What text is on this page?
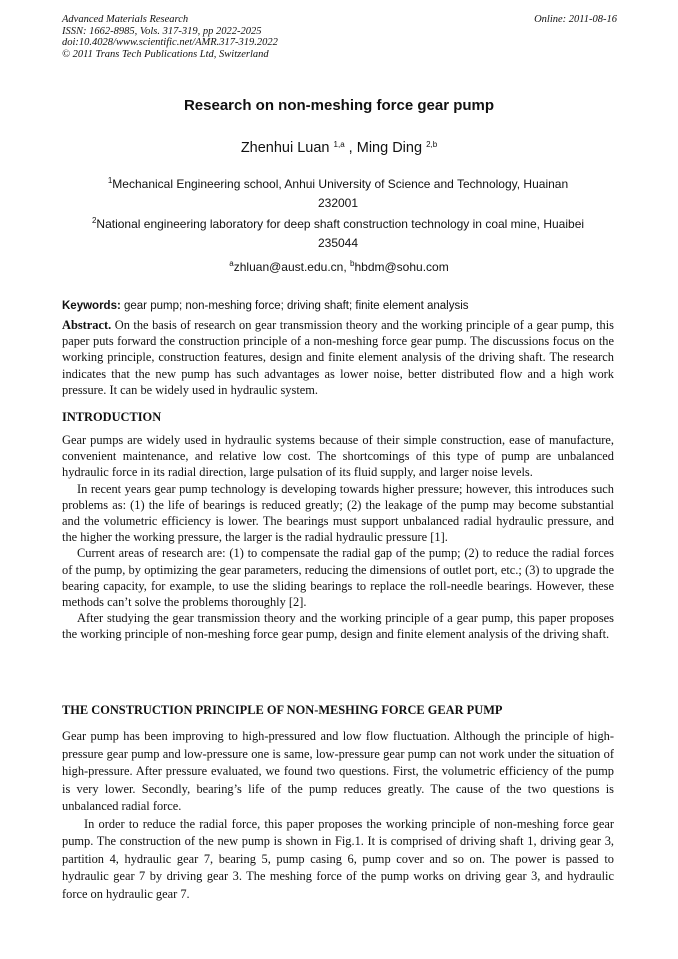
Advanced Materials Research
ISSN: 1662-8985, Vols. 317-319, pp 2022-2025
doi:10.4028/www.scientific.net/AMR.317-319.2022
© 2011 Trans Tech Publications Ltd, Switzerland
Online: 2011-08-16
Research on non-meshing force gear pump
Zhenhui Luan $^{1,a}$ , Ming Ding $^{2,b}$
$^1$Mechanical Engineering school, Anhui University of Science and Technology, Huainan
232001
$^2$National engineering laboratory for deep shaft construction technology in coal mine, Huaibei
235044
$^a$zhluan@aust.edu.cn, $^b$hbdm@sohu.com
Keywords: gear pump; non-meshing force; driving shaft; finite element analysis

Abstract. On the basis of research on gear transmission theory and the working principle of a gear pump, this paper puts forward the construction principle of a non-meshing force gear pump. The discussions focus on the working principle, construction features, design and finite element analysis of the driving shaft. The research indicates that the new pump has such advantages as lower noise, better distributed flow and a high work pressure. It can be widely used in hydraulic system.

INTRODUCTION

Gear pumps are widely used in hydraulic systems because of their simple construction, ease of manufacture, convenient maintenance, and relative low cost. The shortcomings of this type of pump are unbalanced hydraulic force in its radial direction, large pulsation of its fluid supply, and larger noise levels.

In recent years gear pump technology is developing towards higher pressure; however, this introduces such problems as: (1) the life of bearings is reduced greatly; (2) the leakage of the pump may become substantial and the volumetric efficiency is lower. The bearings must support unbalanced radial hydraulic pressure, and the higher the working pressure, the larger is the radial hydraulic pressure [1].

Current areas of research are: (1) to compensate the radial gap of the pump; (2) to reduce the radial forces of the pump, by optimizing the gear parameters, reducing the dimensions of outlet port, etc.; (3) to upgrade the bearing capacity, for example, to use the sliding bearings to replace the roll-needle bearings. However, these methods can’t solve the problems thoroughly [2].

After studying the gear transmission theory and the working principle of a gear pump, this paper proposes the working principle of non-meshing force gear pump, design and finite element analysis of the driving shaft.

THE CONSTRUCTION PRINCIPLE OF NON-MESHING FORCE GEAR PUMP

Gear pump has been improving to high-pressured and low flow fluctuation. Although the principle of high-pressure gear pump and low-pressure one is same, low-pressure gear pump can not work under the situation of high-pressure. After pressure evaluated, we found two questions. First, the volumetric efficiency of the pump is very lower. Secondly, bearing’s life of the pump reduces greatly. The cause of the two questions is unbalanced radial force.

In order to reduce the radial force, this paper proposes the working principle of non-meshing force gear pump. The construction of the new pump is shown in Fig.1. It is comprised of driving shaft 1, driving gear 3, partition 4, hydraulic gear 7, bearing 5, pump casing 6, pump cover and so on. The power is passed to hydraulic gear 7 by driving gear 3. The meshing force of the pump works on driving gear 3, and hydraulic force on hydraulic gear 7.
